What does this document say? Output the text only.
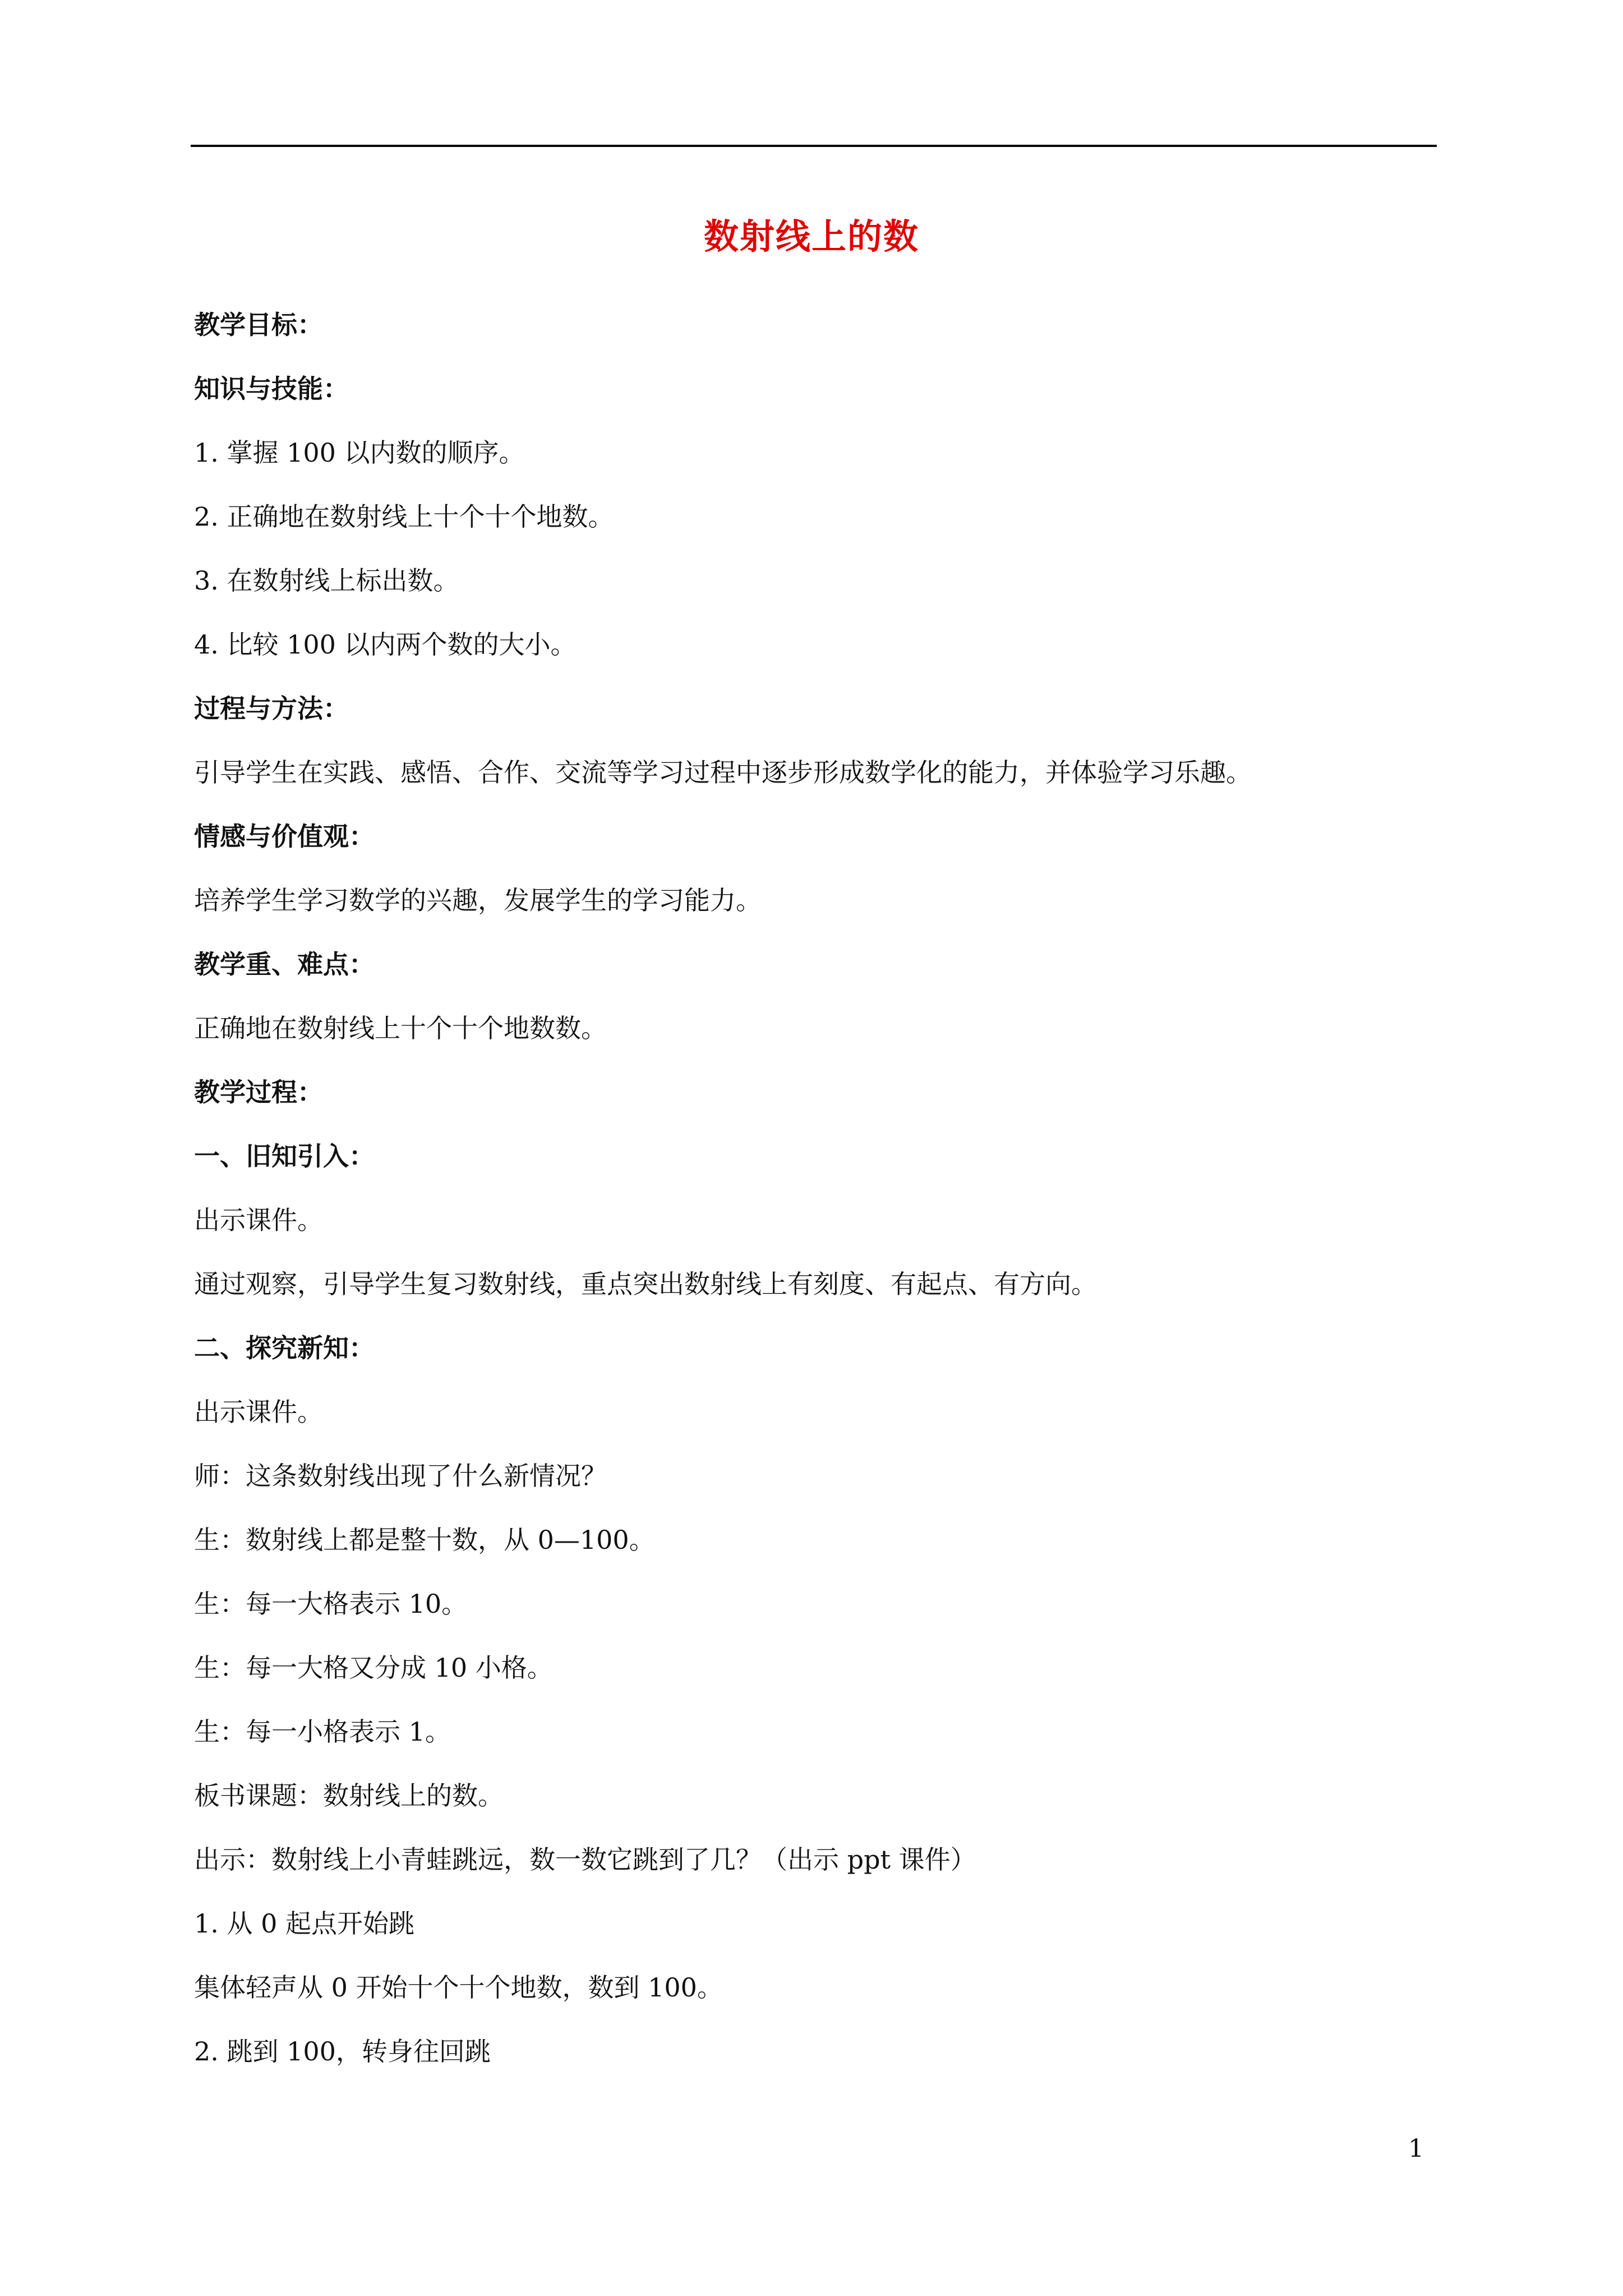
数射线上的数
教学目标：
知识与技能：
1. 掌握 100 以内数的顺序。
2. 正确地在数射线上十个十个地数。
3. 在数射线上标出数。
4. 比较 100 以内两个数的大小。
过程与方法：
引导学生在实践、感悟、合作、交流等学习过程中逐步形成数学化的能力，并体验学习乐趣。
情感与价值观：
培养学生学习数学的兴趣，发展学生的学习能力。
教学重、难点：
正确地在数射线上十个十个地数数。
教学过程：
一、旧知引入：
出示课件。
通过观察，引导学生复习数射线，重点突出数射线上有刻度、有起点、有方向。
二、探究新知：
出示课件。
师：这条数射线出现了什么新情况？
生：数射线上都是整十数，从 0—100。
生：每一大格表示 10。
生：每一大格又分成 10 小格。
生：每一小格表示 1。
板书课题：数射线上的数。
出示：数射线上小青蛙跳远，数一数它跳到了几？（出示 ppt 课件）
1. 从 0 起点开始跳
集体轻声从 0 开始十个十个地数，数到 100。
2. 跳到 100，转身往回跳
1
